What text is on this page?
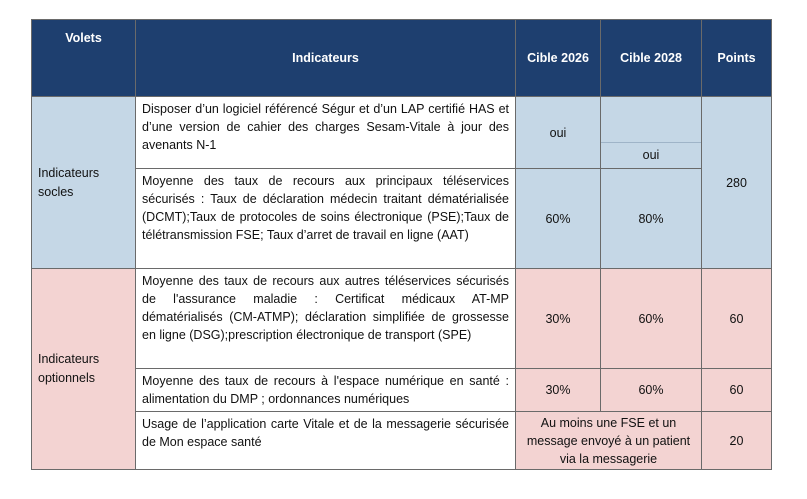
Volets	Indicateurs	Cible 2026	Cible 2028	Points
Indicateurs socles	Disposer d’un logiciel référencé Ségur et d’un LAP certifié HAS et d’une version de cahier des charges Sesam-Vitale à jour des avenants N-1	oui	oui	280
	Moyenne des taux de recours aux principaux téléservices sécurisés : Taux de déclaration médecin traitant dématérialisée (DCMT);Taux de protocoles de soins électronique (PSE);Taux de télétransmission FSE; Taux d’arret de travail en ligne (AAT)	60%	80%	
Indicateurs optionnels	Moyenne des taux de recours aux autres téléservices sécurisés de l'assurance maladie : Certificat médicaux AT-MP dématérialisés (CM-ATMP); déclaration simplifiée de grossesse en ligne (DSG);prescription électronique de transport (SPE)	30%	60%	60
	Moyenne des taux de recours à l'espace numérique en santé : alimentation du DMP ; ordonnances numériques	30%	60%	60
	Usage de l’application carte Vitale et de la messagerie sécurisée de Mon espace santé	Au moins une FSE et un message envoyé à un patient via la messagerie		20
